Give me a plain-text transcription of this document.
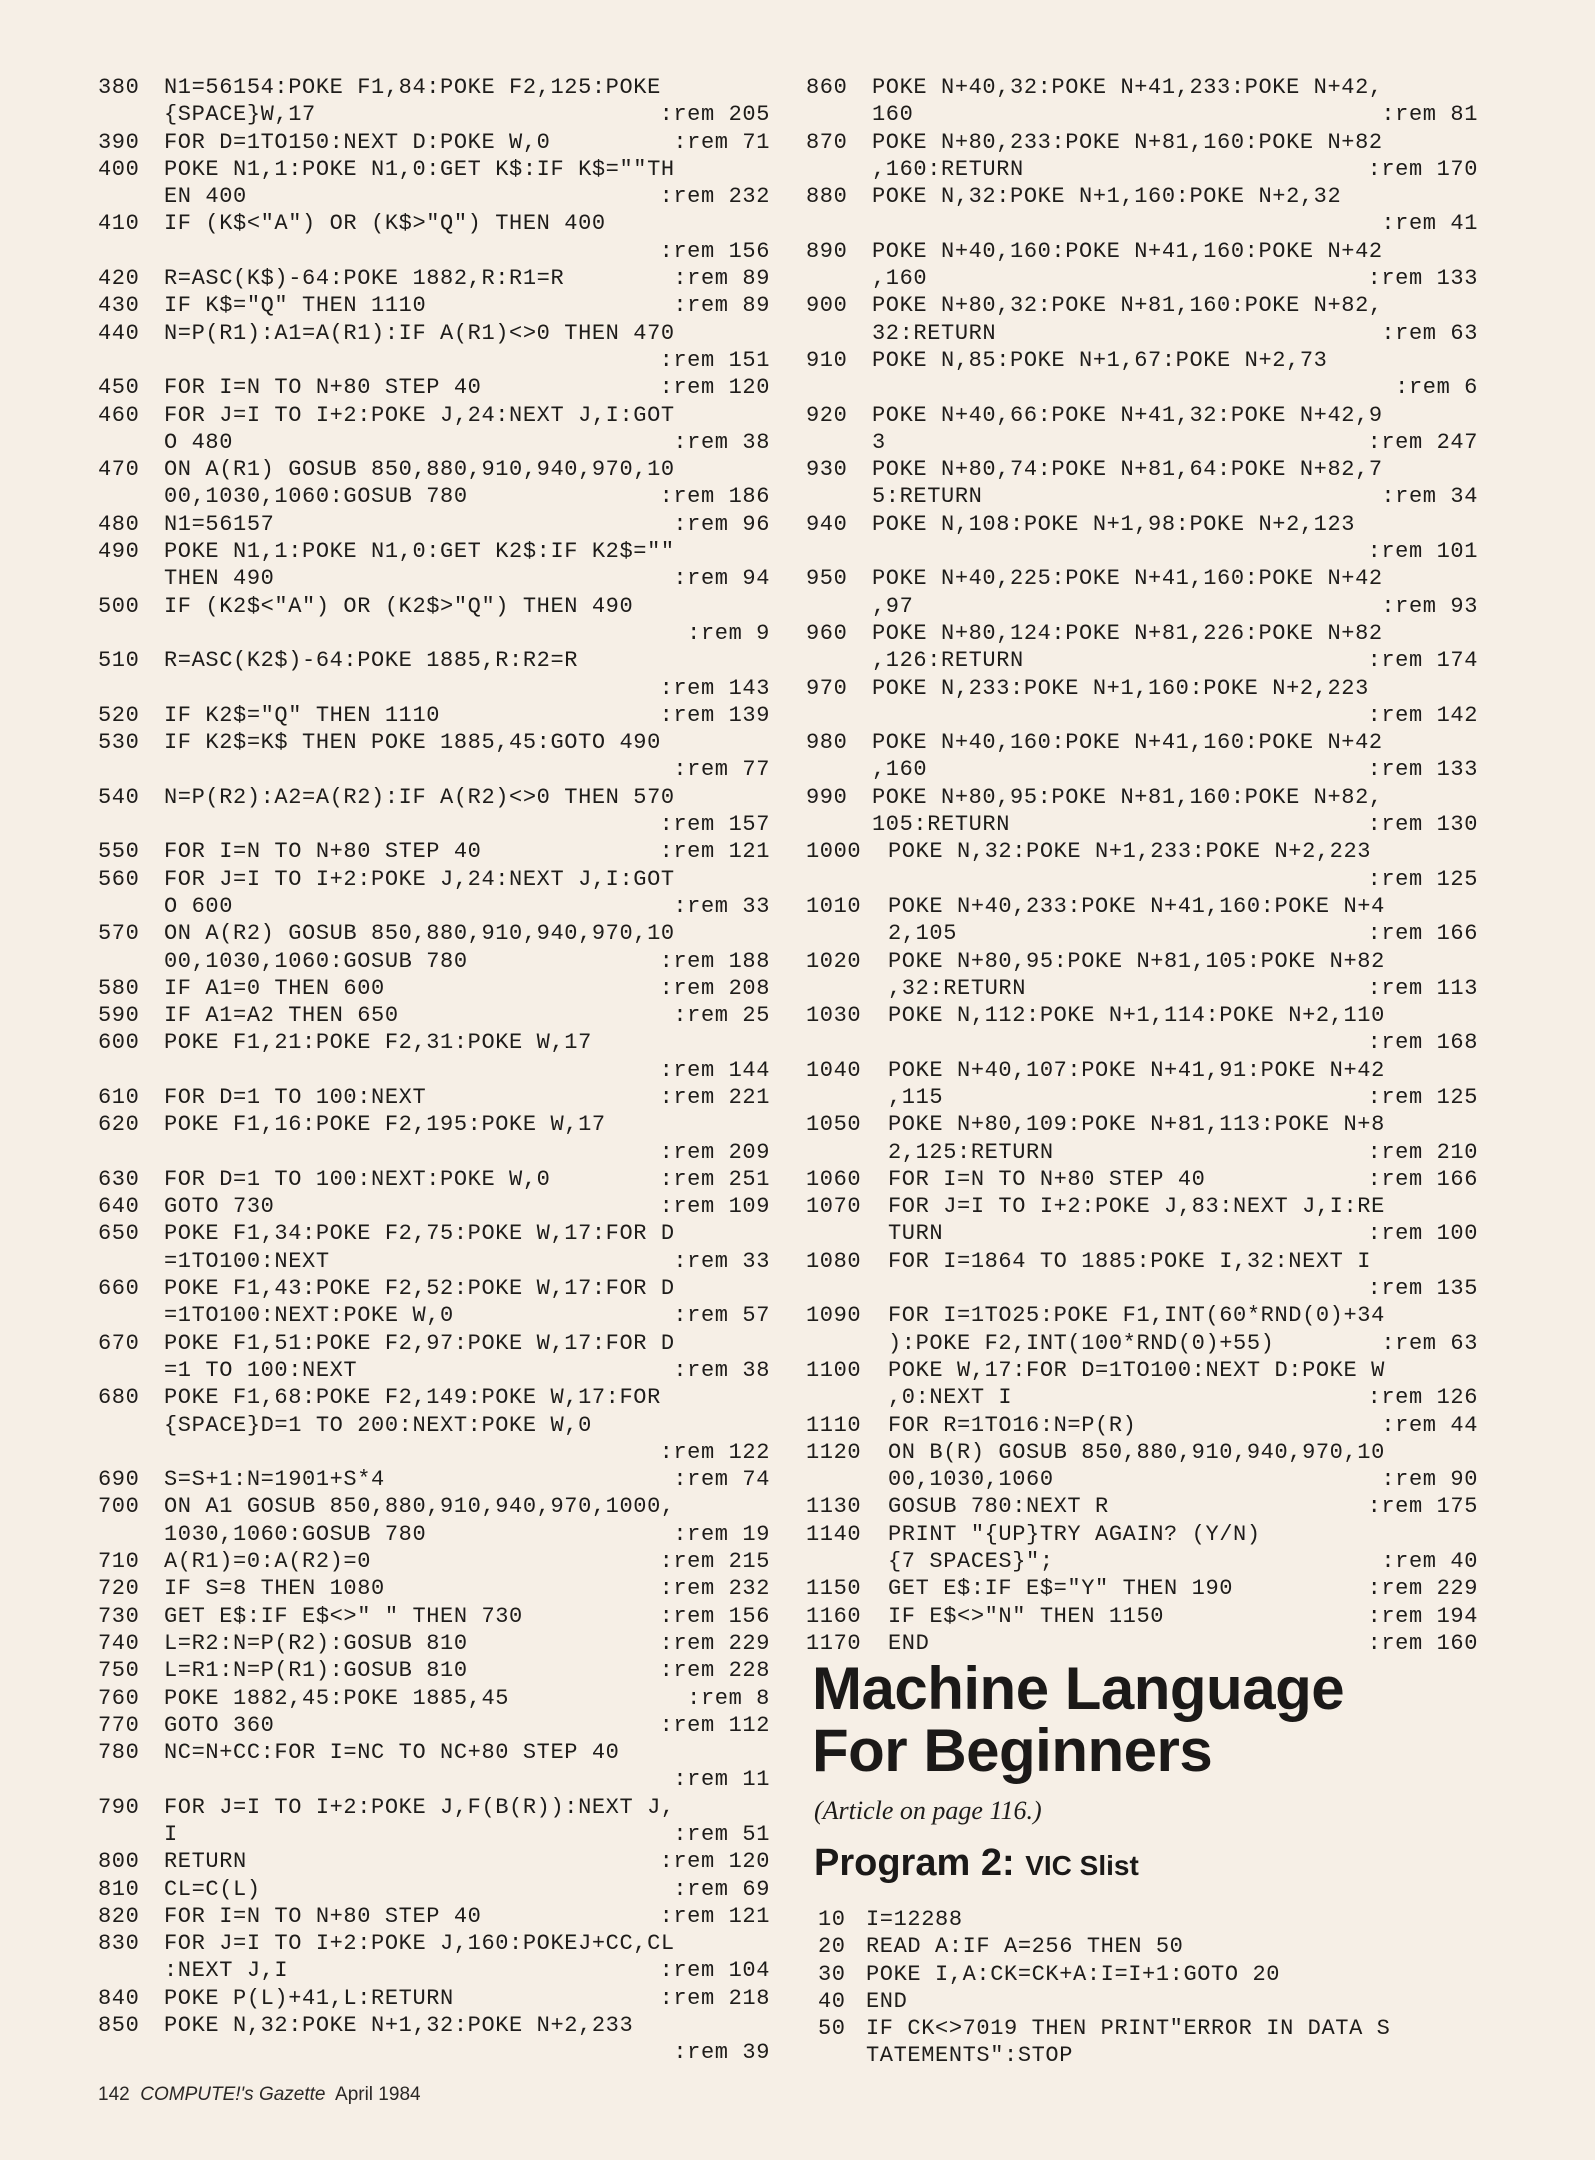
380 N1=56154:POKE F1,84:POKE F2,125:POKE
{SPACE}W,17	:rem 205
390 FOR D=1TO150:NEXT D:POKE W,0	:rem 71
400 POKE N1,1:POKE N1,0:GET K$:IF K$=""TH
EN 400	:rem 232
410 IF (K$<"A") OR (K$>"Q") THEN 400
:rem 156
420 R=ASC(K$)-64:POKE 1882,R:R1=R	:rem 89
430 IF K$="Q" THEN 1110	:rem 89
440 N=P(R1):A1=A(R1):IF A(R1)<>0 THEN 470
:rem 151
450 FOR I=N TO N+80 STEP 40	:rem 120
460 FOR J=I TO I+2:POKE J,24:NEXT J,I:GOT
O 480	:rem 38
470 ON A(R1) GOSUB 850,880,910,940,970,10
00,1030,1060:GOSUB 780	:rem 186
480 N1=56157	:rem 96
490 POKE N1,1:POKE N1,0:GET K2$:IF K2$=""
THEN 490	:rem 94
500 IF (K2$<"A") OR (K2$>"Q") THEN 490
:rem 9
510 R=ASC(K2$)-64:POKE 1885,R:R2=R
:rem 143
520 IF K2$="Q" THEN 1110	:rem 139
530 IF K2$=K$ THEN POKE 1885,45:GOTO 490
:rem 77
540 N=P(R2):A2=A(R2):IF A(R2)<>0 THEN 570
:rem 157
550 FOR I=N TO N+80 STEP 40	:rem 121
560 FOR J=I TO I+2:POKE J,24:NEXT J,I:GOT
O 600	:rem 33
570 ON A(R2) GOSUB 850,880,910,940,970,10
00,1030,1060:GOSUB 780	:rem 188
580 IF A1=0 THEN 600	:rem 208
590 IF A1=A2 THEN 650	:rem 25
600 POKE F1,21:POKE F2,31:POKE W,17
:rem 144
610 FOR D=1 TO 100:NEXT	:rem 221
620 POKE F1,16:POKE F2,195:POKE W,17
:rem 209
630 FOR D=1 TO 100:NEXT:POKE W,0	:rem 251
640 GOTO 730	:rem 109
650 POKE F1,34:POKE F2,75:POKE W,17:FOR D
=1TO100:NEXT	:rem 33
660 POKE F1,43:POKE F2,52:POKE W,17:FOR D
=1TO100:NEXT:POKE W,0	:rem 57
670 POKE F1,51:POKE F2,97:POKE W,17:FOR D
=1 TO 100:NEXT	:rem 38
680 POKE F1,68:POKE F2,149:POKE W,17:FOR
{SPACE}D=1 TO 200:NEXT:POKE W,0
:rem 122
690 S=S+1:N=1901+S*4	:rem 74
700 ON A1 GOSUB 850,880,910,940,970,1000,
1030,1060:GOSUB 780	:rem 19
710 A(R1)=0:A(R2)=0	:rem 215
720 IF S=8 THEN 1080	:rem 232
730 GET E$:IF E$<>" " THEN 730	:rem 156
740 L=R2:N=P(R2):GOSUB 810	:rem 229
750 L=R1:N=P(R1):GOSUB 810	:rem 228
760 POKE 1882,45:POKE 1885,45	:rem 8
770 GOTO 360	:rem 112
780 NC=N+CC:FOR I=NC TO NC+80 STEP 40
:rem 11
790 FOR J=I TO I+2:POKE J,F(B(R)):NEXT J,
I	:rem 51
800 RETURN	:rem 120
810 CL=C(L)	:rem 69
820 FOR I=N TO N+80 STEP 40	:rem 121
830 FOR J=I TO I+2:POKE J,160:POKEJ+CC,CL
:NEXT J,I	:rem 104
840 POKE P(L)+41,L:RETURN	:rem 218
850 POKE N,32:POKE N+1,32:POKE N+2,233
:rem 39
860 POKE N+40,32:POKE N+41,233:POKE N+42,
160	:rem 81
870 POKE N+80,233:POKE N+81,160:POKE N+82
,160:RETURN	:rem 170
880 POKE N,32:POKE N+1,160:POKE N+2,32
:rem 41
890 POKE N+40,160:POKE N+41,160:POKE N+42
,160	:rem 133
900 POKE N+80,32:POKE N+81,160:POKE N+82,
32:RETURN	:rem 63
910 POKE N,85:POKE N+1,67:POKE N+2,73
:rem 6
920 POKE N+40,66:POKE N+41,32:POKE N+42,9
3	:rem 247
930 POKE N+80,74:POKE N+81,64:POKE N+82,7
5:RETURN	:rem 34
940 POKE N,108:POKE N+1,98:POKE N+2,123
:rem 101
950 POKE N+40,225:POKE N+41,160:POKE N+42
,97	:rem 93
960 POKE N+80,124:POKE N+81,226:POKE N+82
,126:RETURN	:rem 174
970 POKE N,233:POKE N+1,160:POKE N+2,223
:rem 142
980 POKE N+40,160:POKE N+41,160:POKE N+42
,160	:rem 133
990 POKE N+80,95:POKE N+81,160:POKE N+82,
105:RETURN	:rem 130
1000 POKE N,32:POKE N+1,233:POKE N+2,223
:rem 125
1010 POKE N+40,233:POKE N+41,160:POKE N+4
2,105	:rem 166
1020 POKE N+80,95:POKE N+81,105:POKE N+82
,32:RETURN	:rem 113
1030 POKE N,112:POKE N+1,114:POKE N+2,110
:rem 168
1040 POKE N+40,107:POKE N+41,91:POKE N+42
,115	:rem 125
1050 POKE N+80,109:POKE N+81,113:POKE N+8
2,125:RETURN	:rem 210
1060 FOR I=N TO N+80 STEP 40	:rem 166
1070 FOR J=I TO I+2:POKE J,83:NEXT J,I:RE
TURN	:rem 100
1080 FOR I=1864 TO 1885:POKE I,32:NEXT I
:rem 135
1090 FOR I=1TO25:POKE F1,INT(60*RND(0)+34
):POKE F2,INT(100*RND(0)+55)	:rem 63
1100 POKE W,17:FOR D=1TO100:NEXT D:POKE W
,0:NEXT I	:rem 126
1110 FOR R=1TO16:N=P(R)	:rem 44
1120 ON B(R) GOSUB 850,880,910,940,970,10
00,1030,1060	:rem 90
1130 GOSUB 780:NEXT R	:rem 175
1140 PRINT "{UP}TRY AGAIN? (Y/N)
{7 SPACES}";	:rem 40
1150 GET E$:IF E$="Y" THEN 190	:rem 229
1160 IF E$<>"N" THEN 1150	:rem 194
1170 END	:rem 160
Machine Language
For Beginners
(Article on page 116.)
Program 2: VIC Slist
10 I=12288
20 READ A:IF A=256 THEN 50
30 POKE I,A:CK=CK+A:I=I+1:GOTO 20
40 END
50 IF CK<>7019 THEN PRINT"ERROR IN DATA S
TATEMENTS":STOP
142 COMPUTE!'s Gazette April 1984
